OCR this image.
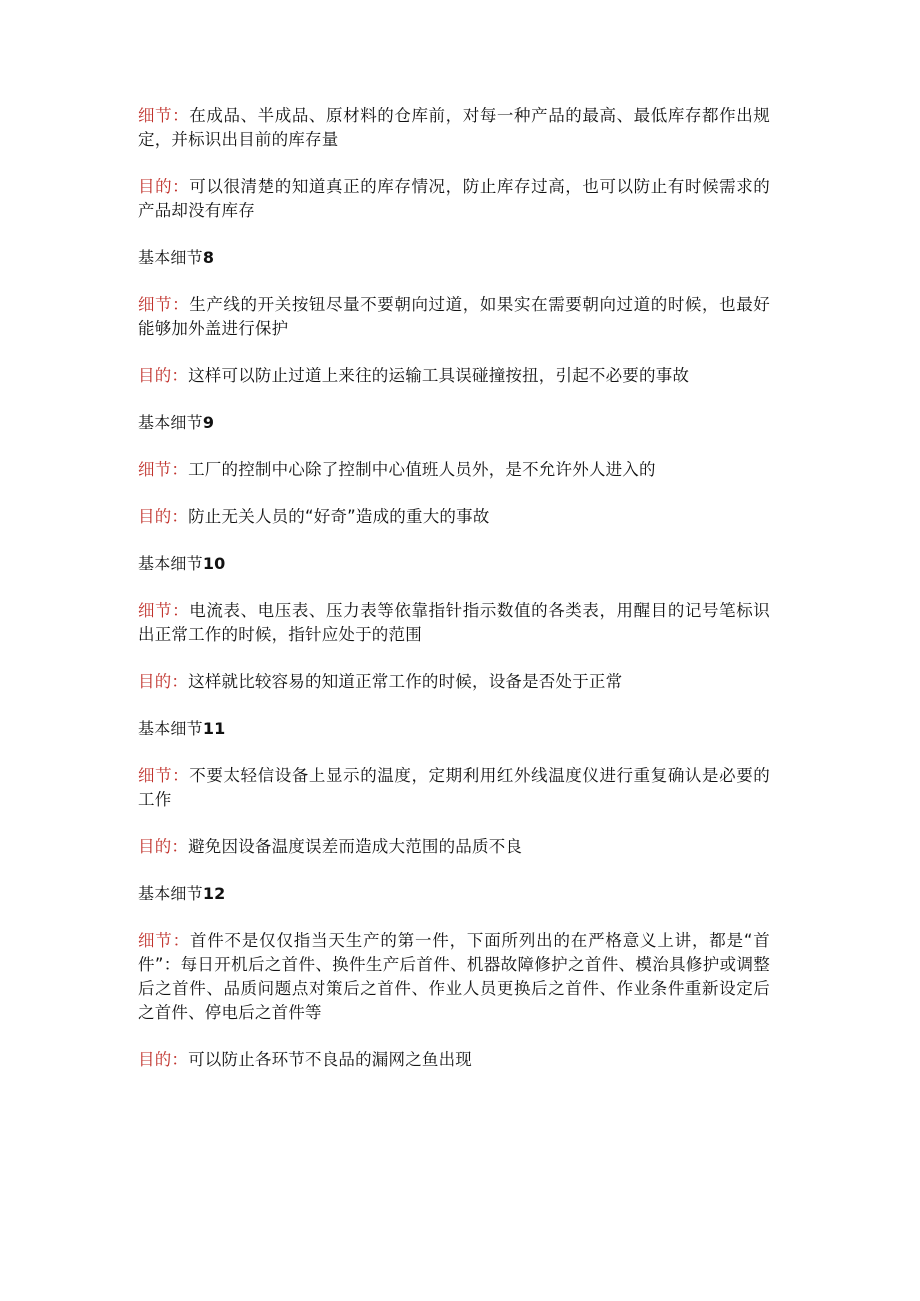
细节：在成品、半成品、原材料的仓库前，对每一种产品的最高、最低库存都作出规定，并标识出目前的库存量

目的：可以很清楚的知道真正的库存情况，防止库存过高，也可以防止有时候需求的产品却没有库存

基本细节8

细节：生产线的开关按钮尽量不要朝向过道，如果实在需要朝向过道的时候，也最好能够加外盖进行保护

目的：这样可以防止过道上来往的运输工具误碰撞按扭，引起不必要的事故

基本细节9

细节：工厂的控制中心除了控制中心值班人员外，是不允许外人进入的

目的：防止无关人员的“好奇”造成的重大的事故

基本细节10

细节：电流表、电压表、压力表等依靠指针指示数值的各类表，用醒目的记号笔标识出正常工作的时候，指针应处于的范围

目的：这样就比较容易的知道正常工作的时候，设备是否处于正常

基本细节11

细节：不要太轻信设备上显示的温度，定期利用红外线温度仪进行重复确认是必要的工作

目的：避免因设备温度误差而造成大范围的品质不良

基本细节12

细节：首件不是仅仅指当天生产的第一件，下面所列出的在严格意义上讲，都是“首件”：每日开机后之首件、换件生产后首件、机器故障修护之首件、模治具修护或调整后之首件、品质问题点对策后之首件、作业人员更换后之首件、作业条件重新设定后之首件、停电后之首件等

目的：可以防止各环节不良品的漏网之鱼出现
